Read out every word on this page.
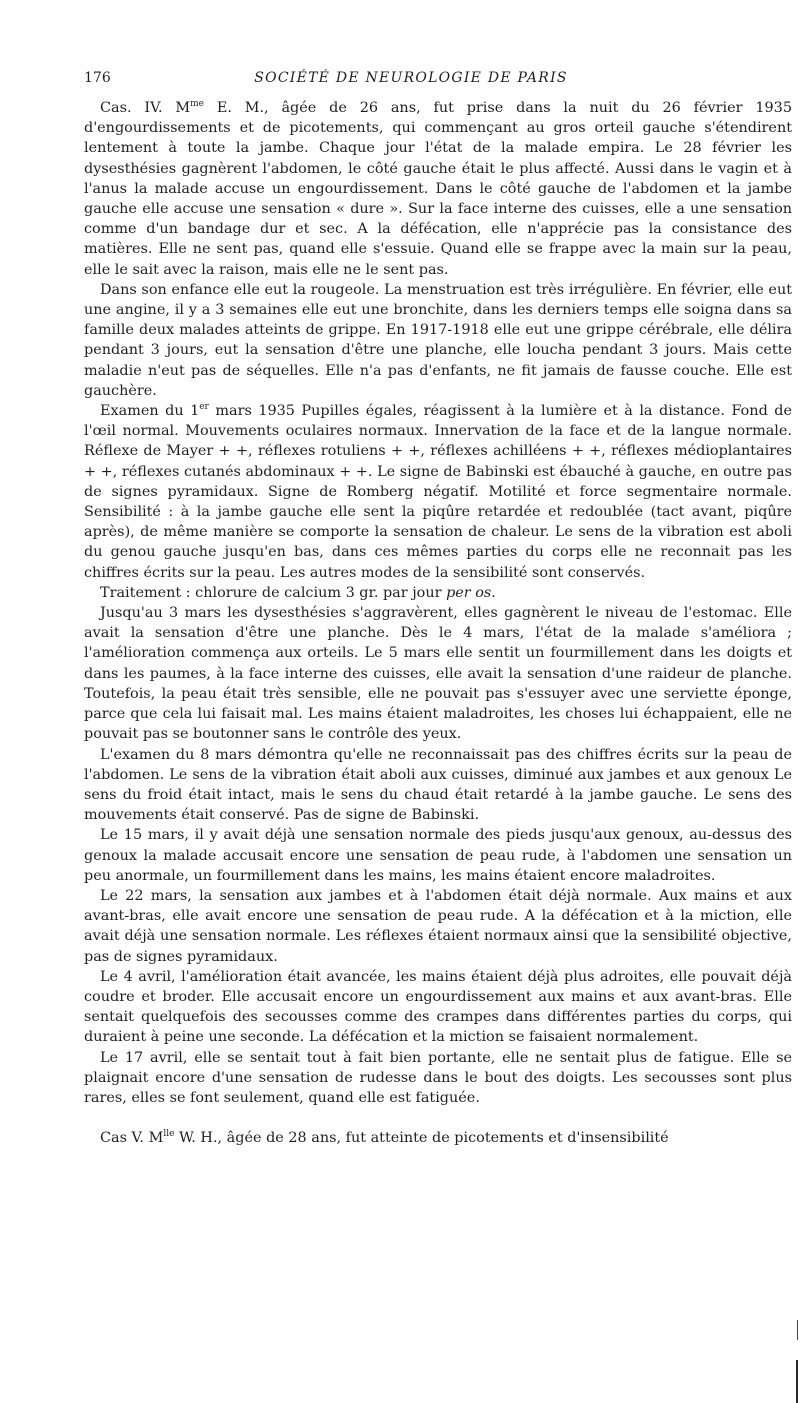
176	SOCIÉTÉ DE NEUROLOGIE DE PARIS

Cas. IV. $M^{me}$ E. M., âgée de 26 ans, fut prise dans la nuit du 26 février 1935 d'engourdissements et de picotements, qui commençant au gros orteil gauche s'étendirent lentement à toute la jambe. Chaque jour l'état de la malade empira. Le 28 février les dysesthésies gagnèrent l'abdomen, le côté gauche était le plus affecté. Aussi dans le vagin et à l'anus la malade accuse un engourdissement. Dans le côté gauche de l'abdomen et la jambe gauche elle accuse une sensation « dure ». Sur la face interne des cuisses, elle a une sensation comme d'un bandage dur et sec. A la défécation, elle n'apprécie pas la consistance des matières. Elle ne sent pas, quand elle s'essuie. Quand elle se frappe avec la main sur la peau, elle le sait avec la raison, mais elle ne le sent pas.

Dans son enfance elle eut la rougeole. La menstruation est très irrégulière. En février, elle eut une angine, il y a 3 semaines elle eut une bronchite, dans les derniers temps elle soigna dans sa famille deux malades atteints de grippe. En 1917-1918 elle eut une grippe cérébrale, elle délira pendant 3 jours, eut la sensation d'être une planche, elle loucha pendant 3 jours. Mais cette maladie n'eut pas de séquelles. Elle n'a pas d'enfants, ne fit jamais de fausse couche. Elle est gauchère.

Examen du 1er mars 1935 Pupilles égales, réagissent à la lumière et à la distance. Fond de l'œil normal. Mouvements oculaires normaux. Innervation de la face et de la langue normale. Réflexe de Mayer + +, réflexes rotuliens + +, réflexes achilléens + +, réflexes médioplantaires + +, réflexes cutanés abdominaux + +. Le signe de Babinski est ébauché à gauche, en outre pas de signes pyramidaux. Signe de Romberg négatif. Motilité et force segmentaire normale. Sensibilité : à la jambe gauche elle sent la piqûre retardée et redoublée (tact avant, piqûre après), de même manière se comporte la sensation de chaleur. Le sens de la vibration est aboli du genou gauche jusqu'en bas, dans ces mêmes parties du corps elle ne reconnait pas les chiffres écrits sur la peau. Les autres modes de la sensibilité sont conservés.

Traitement : chlorure de calcium 3 gr. par jour per os.

Jusqu'au 3 mars les dysesthésies s'aggravèrent, elles gagnèrent le niveau de l'estomac. Elle avait la sensation d'être une planche. Dès le 4 mars, l'état de la malade s'améliora ; l'amélioration commença aux orteils. Le 5 mars elle sentit un fourmillement dans les doigts et dans les paumes, à la face interne des cuisses, elle avait la sensation d'une raideur de planche. Toutefois, la peau était très sensible, elle ne pouvait pas s'essuyer avec une serviette éponge, parce que cela lui faisait mal. Les mains étaient maladroites, les choses lui échappaient, elle ne pouvait pas se boutonner sans le contrôle des yeux.

L'examen du 8 mars démontra qu'elle ne reconnaissait pas des chiffres écrits sur la peau de l'abdomen. Le sens de la vibration était aboli aux cuisses, diminué aux jambes et aux genoux Le sens du froid était intact, mais le sens du chaud était retardé à la jambe gauche. Le sens des mouvements était conservé. Pas de signe de Babinski.

Le 15 mars, il y avait déjà une sensation normale des pieds jusqu'aux genoux, au-dessus des genoux la malade accusait encore une sensation de peau rude, à l'abdomen une sensation un peu anormale, un fourmillement dans les mains, les mains étaient encore maladroites.

Le 22 mars, la sensation aux jambes et à l'abdomen était déjà normale. Aux mains et aux avant-bras, elle avait encore une sensation de peau rude. A la défécation et à la miction, elle avait déjà une sensation normale. Les réflexes étaient normaux ainsi que la sensibilité objective, pas de signes pyramidaux.

Le 4 avril, l'amélioration était avancée, les mains étaient déjà plus adroites, elle pouvait déjà coudre et broder. Elle accusait encore un engourdissement aux mains et aux avant-bras. Elle sentait quelquefois des secousses comme des crampes dans différentes parties du corps, qui duraient à peine une seconde. La défécation et la miction se faisaient normalement.

Le 17 avril, elle se sentait tout à fait bien portante, elle ne sentait plus de fatigue. Elle se plaignait encore d'une sensation de rudesse dans le bout des doigts. Les secousses sont plus rares, elles se font seulement, quand elle est fatiguée.

Cas V. $M^{lle}$ W. H., âgée de 28 ans, fut atteinte de picotements et d'insensibilité
